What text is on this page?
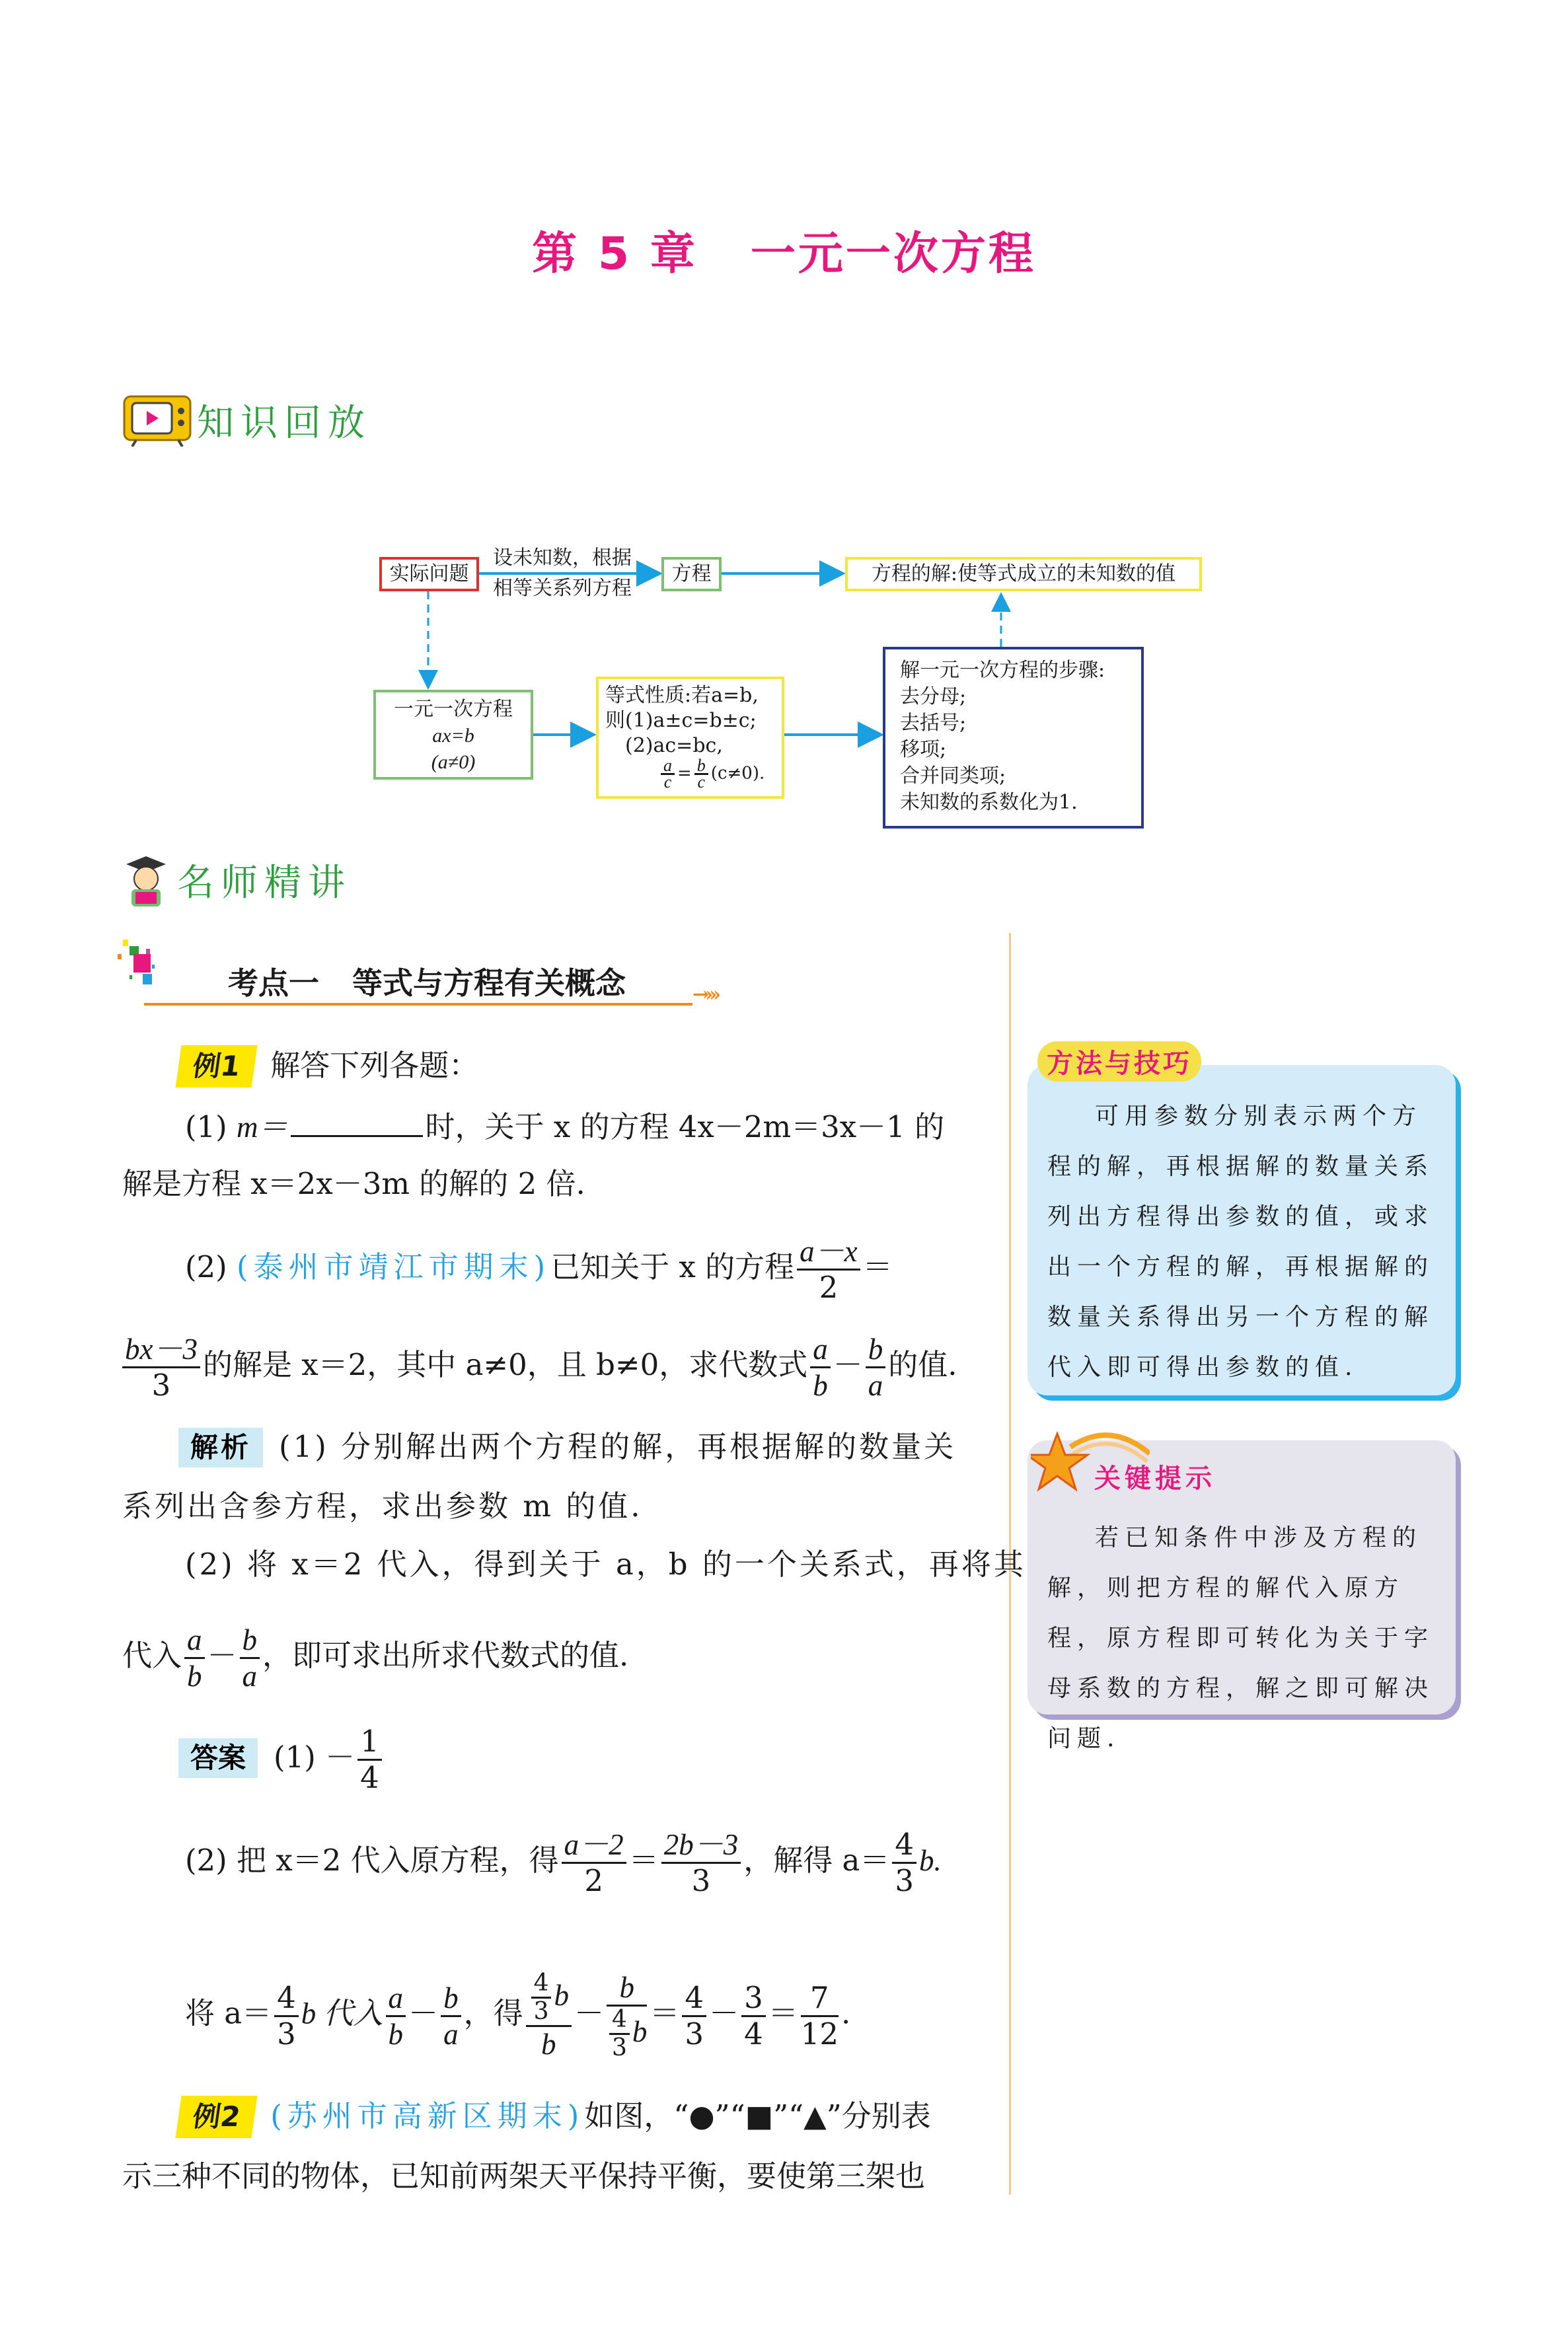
第 5 章 一元一次方程
知识回放
实际问题
设未知数，根据
相等关系列方程
方程	方程的解:使等式成立的未知数的值
一元一次方程
ax=b
(a≠0)
等式性质:若a=b,
则(1)a±c=b±c;
(2)ac=bc,
$\frac{a}{c} = \frac{b}{c} (c\ne 0)$.
解一元一次方程的步骤:
去分母;
去括号;
移项;
合并同类项;
未知数的系数化为1.
名师精讲
考点一 等式与方程有关概念	→›››
例1 解答下列各题：
(1) m＝	时，关于 x 的方程 4x－2m＝3x－1 的
解是方程 x＝2x－3m 的解的 2 倍.
(2) (泰州市靖江市期末)已知关于 x 的方程 $\frac{a-x}{2}$ ＝
$\frac{bx-3}{3}$ 的解是 x＝2，其中 a≠0，且 b≠0，求代数式 $\frac{a}{b} - \frac{b}{a}$ 的值.
解析 (1) 分别解出两个方程的解，再根据解的数量关
系列出含参方程，求出参数 m 的值.
(2) 将 x＝2 代入，得到关于 a，b 的一个关系式，再将其
代入 $\frac{a}{b} - \frac{b}{a}$ ，即可求出所求代数式的值.
答案 $(1) - \frac{1}{4}$
(2) 把 x＝2 代入原方程，得 $\frac{a-2}{2} = \frac{2b-3}{3}$ ，解得 $a= \frac{4}{3} b$.
将 $a= \frac{4}{3}$ b 代入 $\frac{a}{b} - \frac{b}{a}$ ，得 $\frac{\frac{4}{3} b}{b} - \frac{b}{\frac{4}{3} b} = \frac{4}{3} - \frac{3}{4} = \frac{7}{12}$ .
例2 (苏州市高新区期末)如图，“●”“■”“▲”分别表
示三种不同的物体，已知前两架天平保持平衡，要使第三架也

可用参数分别表示两个方程的解，再根据解的数量关系列出方程得出参数的值，或求出一个方程的解，再根据解的数量关系得出另一个方程的解代入即可得出参数的值.

方法与技巧

若已知条件中涉及方程的解，则把方程的解代入原方程，原方程即可转化为关于字母系数的方程，解之即可解决问题.

关键提示
